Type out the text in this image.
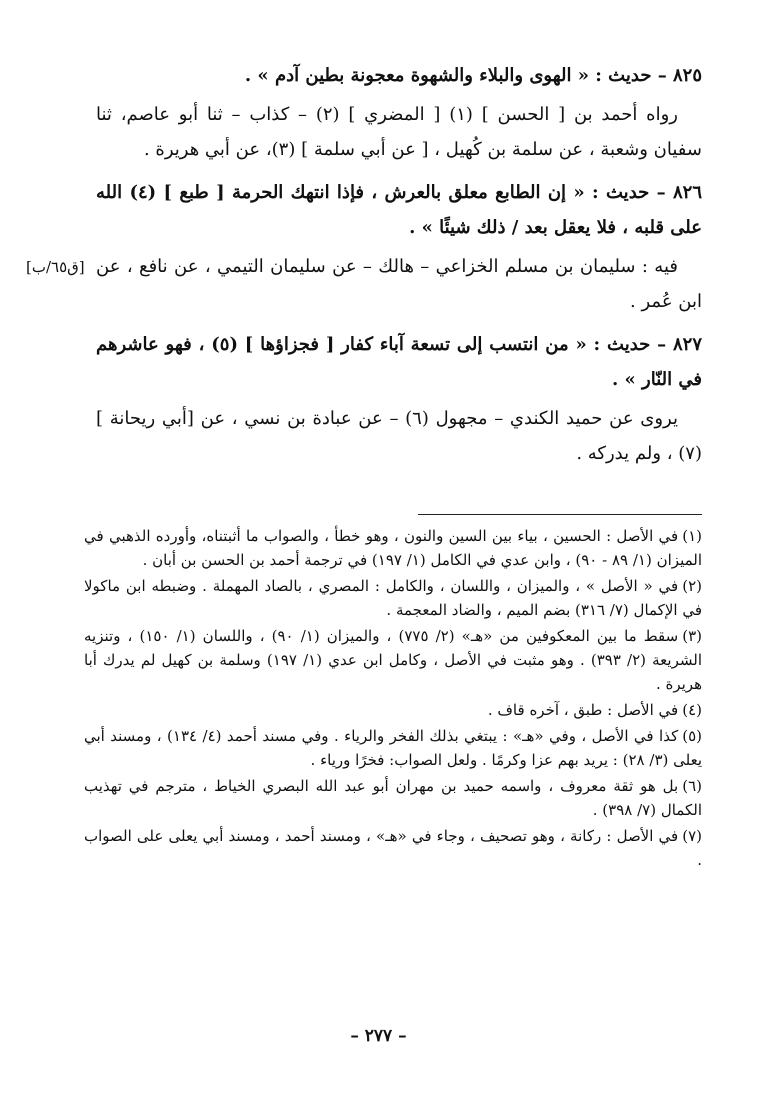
٨٢٥ – حديث : « الهوى والبلاء والشهوة معجونة بطين آدم » .

رواه أحمد بن [ الحسن ] (١) [ المضري ] (٢) – كذاب – ثنا أبو عاصم، ثنا سفيان وشعبة ، عن سلمة بن كُهيل ، [ عن أبي سلمة ] (٣)، عن أبي هريرة .

٨٢٦ – حديث : « إن الطابع معلق بالعرش ، فإذا انتهك الحرمة [ طبع ] (٤) الله على قلبه ، فلا يعقل بعد / ذلك شيئًا » .

فيه : سليمان بن مسلم الخزاعي – هالك – عن سليمان التيمي ، عن نافع ، عن ابن عُمر .

٨٢٧ – حديث : « من انتسب إلى تسعة آباء كفار [ فجزاؤها ] (٥) ، فهو عاشرهم في النّار » .

يروى عن حميد الكندي – مجهول (٦) – عن عبادة بن نسي ، عن [أبي ريحانة ] (٧) ، ولم يدركه .

[ق٦٥/ب]

(١)في الأصل : الحسين ، بياء بين السين والنون ، وهو خطأ ، والصواب ما أثبتناه، وأورده الذهبي في الميزان (١/ ٨٩ - ٩٠) ، وابن عدي في الكامل (١/ ١٩٧) في ترجمة أحمد بن الحسن بن أبان .

(٢)في « الأصل » ، والميزان ، واللسان ، والكامل : المصري ، بالصاد المهملة . وضبطه ابن ماكولا في الإكمال (٧/ ٣١٦) بضم الميم ، والضاد المعجمة .

(٣)سقط ما بين المعكوفين من «هـ» (٢/ ٧٧٥) ، والميزان (١/ ٩٠) ، واللسان (١/ ١٥٠) ، وتنزيه الشريعة (٢/ ٣٩٣) . وهو مثبت في الأصل ، وكامل ابن عدي (١/ ١٩٧) وسلمة بن كهيل لم يدرك أبا هريرة .

(٤)في الأصل : طبق ، آخره قاف .

(٥)كذا في الأصل ، وفي «هـ» : يبتغي بذلك الفخر والرياء . وفي مسند أحمد (٤/ ١٣٤) ، ومسند أبي يعلى (٣/ ٢٨) : يريد بهم عزا وكرمًا . ولعل الصواب: فخرًا ورياء .

(٦)بل هو ثقة معروف ، واسمه حميد بن مهران أبو عبد الله البصري الخياط ، مترجم في تهذيب الكمال (٧/ ٣٩٨) .

(٧)في الأصل : ركانة ، وهو تصحيف ، وجاء في «هـ» ، ومسند أحمد ، ومسند أبي يعلى على الصواب .

– ٢٧٧ –
